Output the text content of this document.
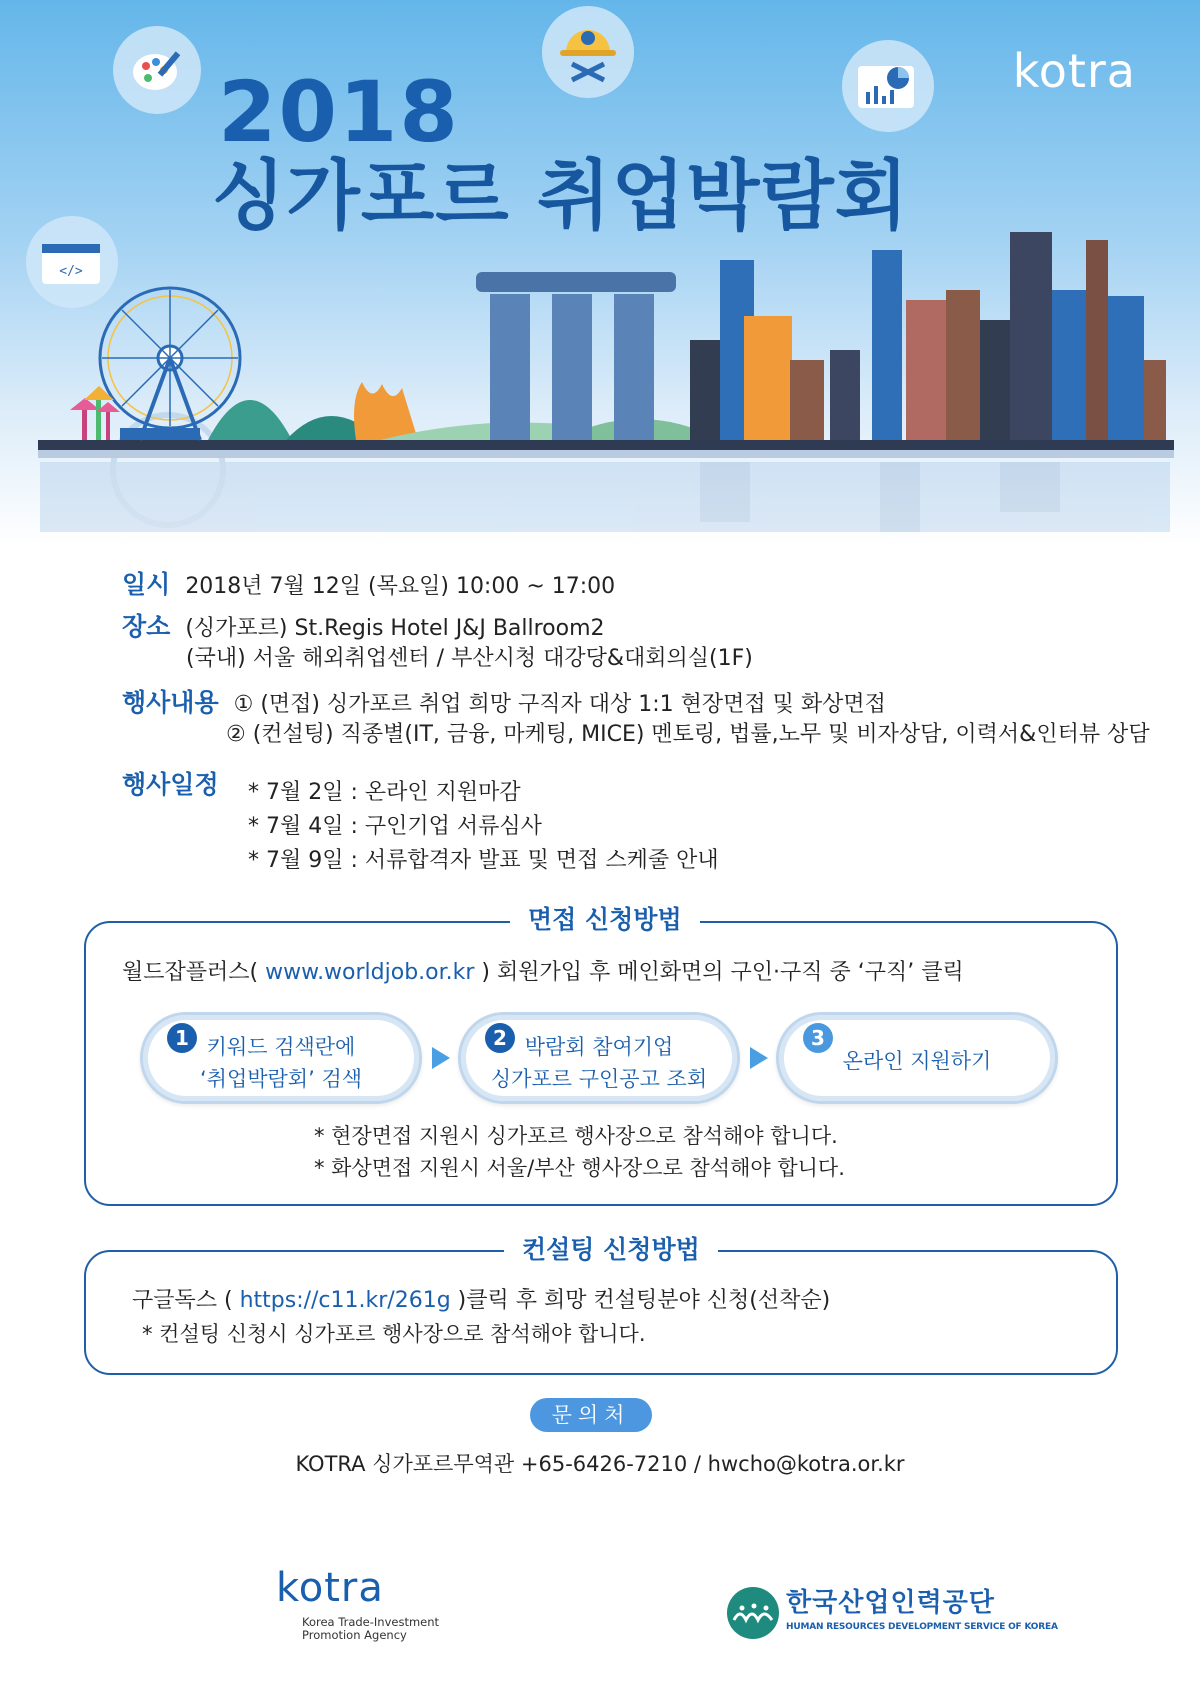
</>
2018
싱가포르 취업박람회
kotra
일시 2018년 7월 12일 (목요일) 10:00 ~ 17:00
장소 (싱가포르) St.Regis Hotel J&J Ballroom2
(국내) 서울 해외취업센터 / 부산시청 대강당&대회의실(1F)
행사내용 ① (면접) 싱가포르 취업 희망 구직자 대상 1:1 현장면접 및 화상면접
② (컨설팅) 직종별(IT, 금융, 마케팅, MICE) 멘토링, 법률,노무 및 비자상담, 이력서&인터뷰 상담
행사일정	* 7월 2일 : 온라인 지원마감
* 7월 4일 : 구인기업 서류심사
* 7월 9일 : 서류합격자 발표 및 면접 스케줄 안내
면접 신청방법
월드잡플러스( www.worldjob.or.kr ) 회원가입 후 메인화면의 구인·구직 중 ‘구직’ 클릭
1 키워드 검색란에
‘취업박람회’ 검색
2 박람회 참여기업
싱가포르 구인공고 조회
3
온라인 지원하기
* 현장면접 지원시 싱가포르 행사장으로 참석해야 합니다.
* 화상면접 지원시 서울/부산 행사장으로 참석해야 합니다.
컨설팅 신청방법
구글독스 ( https://c11.kr/261g )클릭 후 희망 컨설팅분야 신청(선착순)
* 컨설팅 신청시 싱가포르 행사장으로 참석해야 합니다.
문의처
KOTRA 싱가포르무역관 +65-6426-7210 / hwcho@kotra.or.kr
kotra
Korea Trade-Investment
Promotion Agency
한국산업인력공단
HUMAN RESOURCES DEVELOPMENT SERVICE OF KOREA
